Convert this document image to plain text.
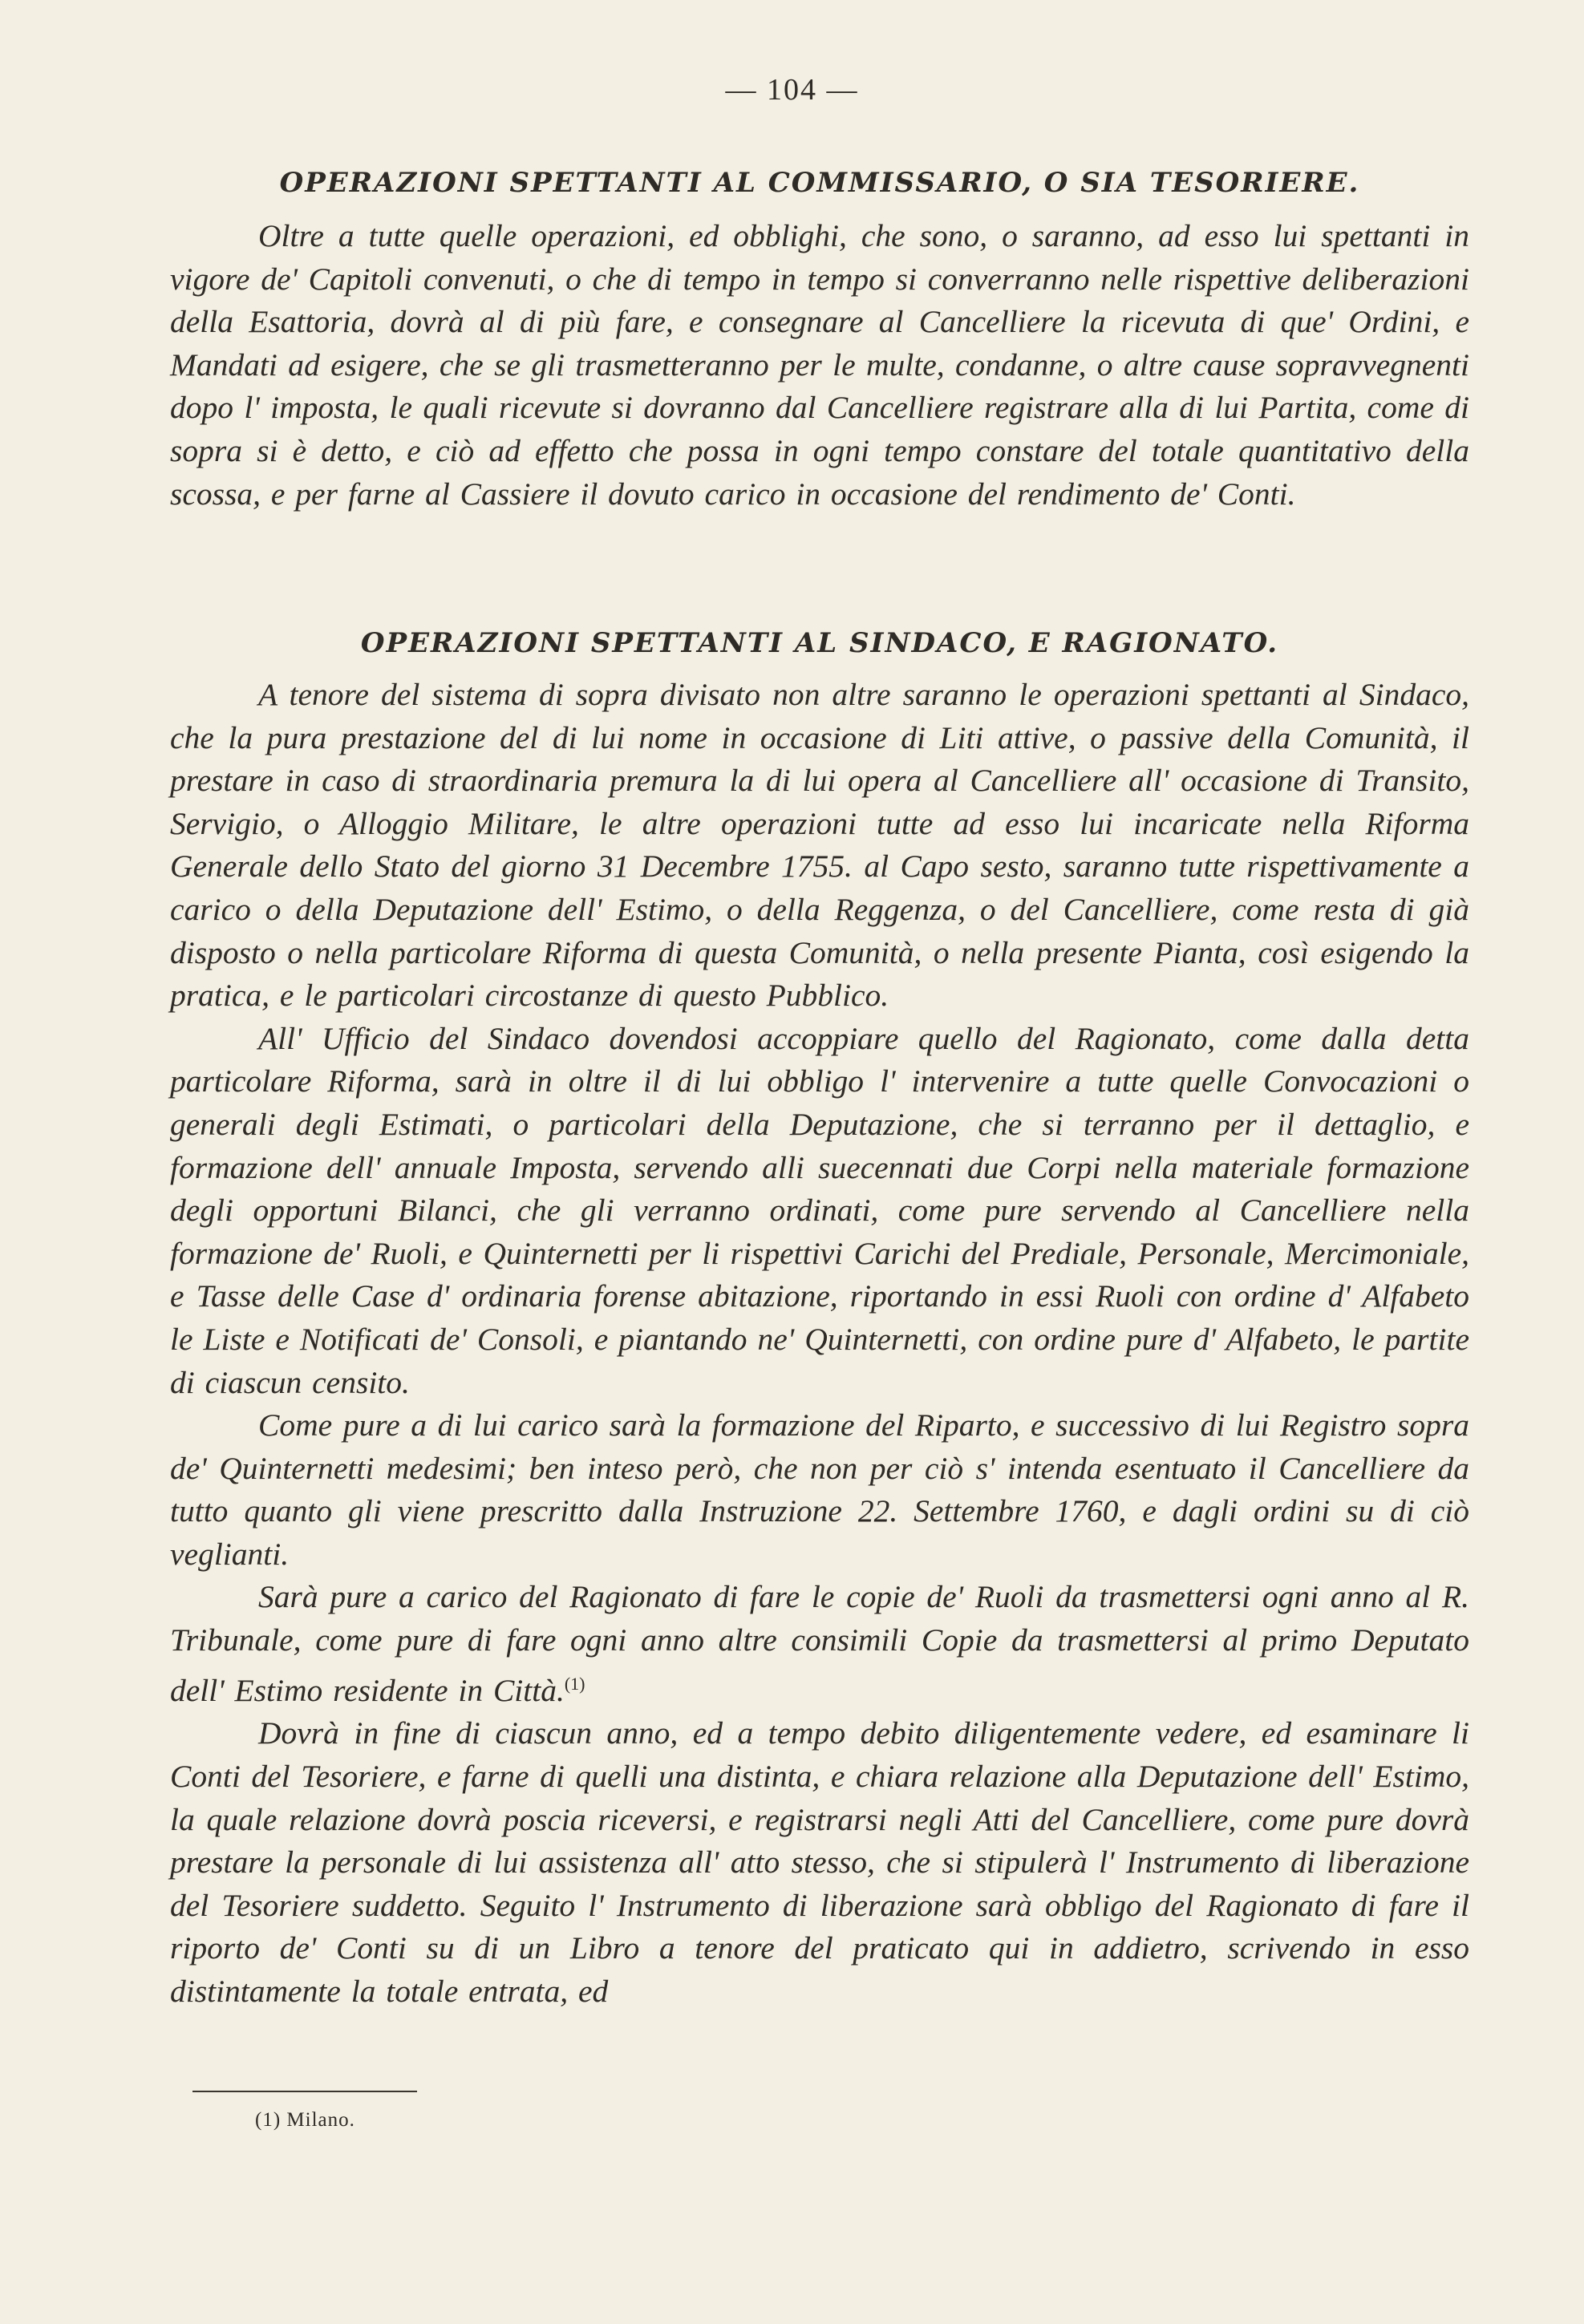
— 104 —
OPERAZIONI SPETTANTI AL COMMISSARIO, O SIA TESORIERE.

Oltre a tutte quelle operazioni, ed obblighi, che sono, o saranno, ad esso lui spettanti in vigore de' Capitoli convenuti, o che di tempo in tempo si converranno nelle rispettive deliberazioni della Esattoria, dovrà al di più fare, e consegnare al Cancelliere la ricevuta di que' Ordini, e Mandati ad esigere, che se gli trasmetteranno per le multe, condanne, o altre cause sopravvegnenti dopo l' imposta, le quali ricevute si dovranno dal Cancelliere registrare alla di lui Partita, come di sopra si è detto, e ciò ad effetto che possa in ogni tempo constare del totale quantitativo della scossa, e per farne al Cassiere il dovuto carico in occasione del rendimento de' Conti.

OPERAZIONI SPETTANTI AL SINDACO, E RAGIONATO.

A tenore del sistema di sopra divisato non altre saranno le operazioni spettanti al Sindaco, che la pura prestazione del di lui nome in occasione di Liti attive, o passive della Comunità, il prestare in caso di straordinaria premura la di lui opera al Cancelliere all' occasione di Transito, Servigio, o Alloggio Militare, le altre operazioni tutte ad esso lui incaricate nella Riforma Generale dello Stato del giorno 31 Decembre 1755. al Capo sesto, saranno tutte rispettivamente a carico o della Deputazione dell' Estimo, o della Reggenza, o del Cancelliere, come resta di già disposto o nella particolare Riforma di questa Comunità, o nella presente Pianta, così esigendo la pratica, e le particolari circostanze di questo Pubblico.

All' Ufficio del Sindaco dovendosi accoppiare quello del Ragionato, come dalla detta particolare Riforma, sarà in oltre il di lui obbligo l' intervenire a tutte quelle Convocazioni o generali degli Estimati, o particolari della Deputazione, che si terranno per il dettaglio, e formazione dell' annuale Imposta, servendo alli suecennati due Corpi nella materiale formazione degli opportuni Bilanci, che gli verranno ordinati, come pure servendo al Cancelliere nella formazione de' Ruoli, e Quinternetti per li rispettivi Carichi del Prediale, Personale, Mercimoniale, e Tasse delle Case d' ordinaria forense abitazione, riportando in essi Ruoli con ordine d' Alfabeto le Liste e Notificati de' Consoli, e piantando ne' Quinternetti, con ordine pure d' Alfabeto, le partite di ciascun censito.

Come pure a di lui carico sarà la formazione del Riparto, e successivo di lui Registro sopra de' Quinternetti medesimi; ben inteso però, che non per ciò s' intenda esentuato il Cancelliere da tutto quanto gli viene prescritto dalla Instruzione 22. Settembre 1760, e dagli ordini su di ciò veglianti.

Sarà pure a carico del Ragionato di fare le copie de' Ruoli da trasmettersi ogni anno al R. Tribunale, come pure di fare ogni anno altre consimili Copie da trasmettersi al primo Deputato dell' Estimo residente in Città.$^{(1)}$

Dovrà in fine di ciascun anno, ed a tempo debito diligentemente vedere, ed esaminare li Conti del Tesoriere, e farne di quelli una distinta, e chiara relazione alla Deputazione dell' Estimo, la quale relazione dovrà poscia riceversi, e registrarsi negli Atti del Cancelliere, come pure dovrà prestare la personale di lui assistenza all' atto stesso, che si stipulerà l' Instrumento di liberazione del Tesoriere suddetto. Seguito l' Instrumento di liberazione sarà obbligo del Ragionato di fare il riporto de' Conti su di un Libro a tenore del praticato qui in addietro, scrivendo in esso distintamente la totale entrata, ed

(1) Milano.
